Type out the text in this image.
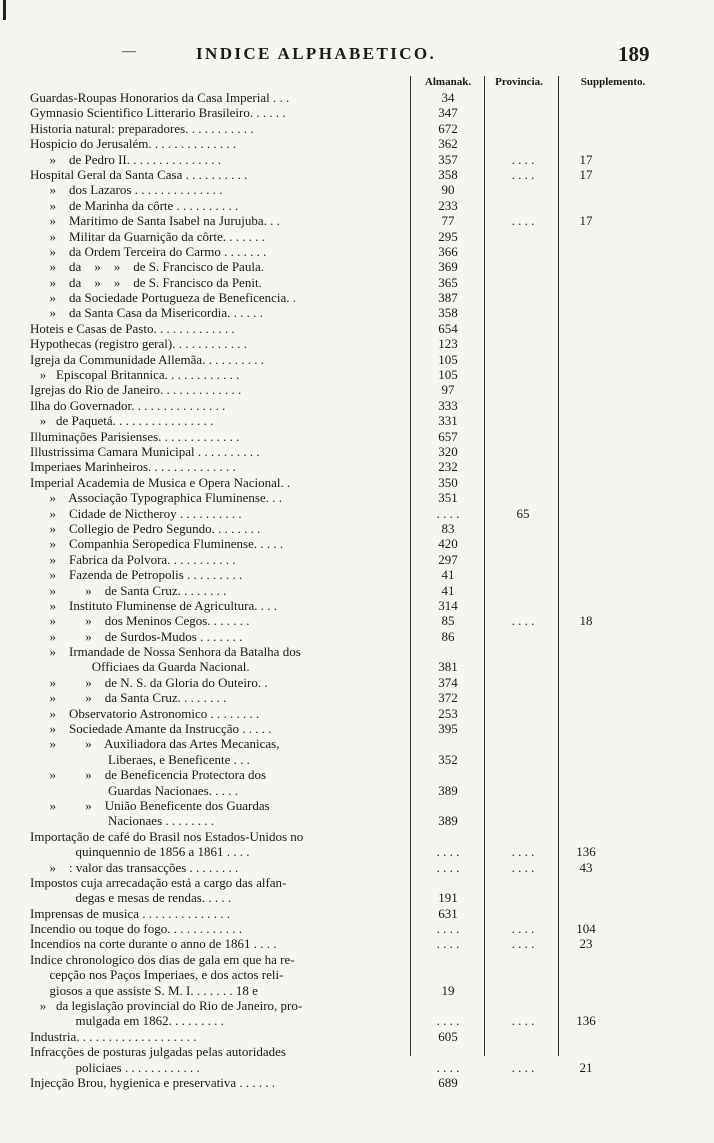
—	INDICE ALPHABETICO.	189
Almanak.	Provincia.	Supplemento.
Guardas-Roupas Honorarios da Casa Imperial . . .	34
Gymnasio Scientifico Litterario Brasileiro. . . . . .	347
Historia natural: preparadores. . . . . . . . . . .	672
Hospicio do Jerusalém. . . . . . . . . . . . . .	362
»    de Pedro II. . . . . . . . . . . . . . .	357	. . . .	17
Hospital Geral da Santa Casa . . . . . . . . . .	358	. . . .	17
»    dos Lazaros . . . . . . . . . . . . . .	90
»    de Marinha da côrte . . . . . . . . . .	233
»    Maritimo de Santa Isabel na Jurujuba. . .	77	. . . .	17
»    Militar da Guarnição da côrte. . . . . . .	295
»    da Ordem Terceira do Carmo . . . . . . .	366
»    da    »    »    de S. Francisco de Paula.	369
»    da    »    »    de S. Francisco da Penit.	365
»    da Sociedade Portugueza de Beneficencia. .	387
»    da Santa Casa da Misericordia. . . . . .	358
Hoteis e Casas de Pasto. . . . . . . . . . . . .	654
Hypothecas (registro geral). . . . . . . . . . . .	123
Igreja da Communidade Allemãa. . . . . . . . . .	105
»   Episcopal Britannica. . . . . . . . . . . .	105
Igrejas do Rio de Janeiro. . . . . . . . . . . . .	97
Ilha do Governador. . . . . . . . . . . . . . .	333
»   de Paquetá. . . . . . . . . . . . . . . .	331
Illuminações Parisienses. . . . . . . . . . . . .	657
Illustrissima Camara Municipal . . . . . . . . . .	320
Imperiaes Marinheiros. . . . . . . . . . . . . .	232
Imperial Academia de Musica e Opera Nacional. .	350
»    Associação Typographica Fluminense. . .	351
»    Cidade de Nictheroy . . . . . . . . . .	. . . .	65
»    Collegio de Pedro Segundo. . . . . . . .	83
»    Companhia Seropedica Fluminense. . . . .	420
»    Fabrica da Polvora. . . . . . . . . . .	297
»    Fazenda de Petropolis . . . . . . . . .	41
»         »    de Santa Cruz. . . . . . . .	41
»    Instituto Fluminense de Agricultura. . . .	314
»         »    dos Meninos Cegos. . . . . . .	85	. . . .	18
»         »    de Surdos-Mudos . . . . . . .	86
»    Irmandade de Nossa Senhora da Batalha dos
Officiaes da Guarda Nacional.	381
»         »    de N. S. da Gloria do Outeiro. .	374
»         »    da Santa Cruz. . . . . . . .	372
»    Observatorio Astronomico . . . . . . . .	253
»    Sociedade Amante da Instrucção . . . . .	395
»         »    Auxiliadora das Artes Mecanicas,
Liberaes, e Beneficente . . .	352
»         »    de Beneficencia Protectora dos
Guardas Nacionaes. . . . .	389
»         »    União Beneficente dos Guardas
Nacionaes . . . . . . . .	389
Importação de café do Brasil nos Estados-Unidos no
quinquennio de 1856 a 1861 . . . .	. . . .	. . . .	136
»    : valor das transacções . . . . . . . .	. . . .	. . . .	43
Impostos cuja arrecadação está a cargo das alfan-
degas e mesas de rendas. . . . .	191
Imprensas de musica . . . . . . . . . . . . . .	631
Incendio ou toque do fogo. . . . . . . . . . . .	. . . .	. . . .	104
Incendios na corte durante o anno de 1861 . . . .	. . . .	. . . .	23
Indice chronologico dos dias de gala em que ha re-
cepção nos Paços Imperiaes, e dos actos reli-
giosos a que assiste S. M. I. . . . . . . 18 e	19
»   da legislação provincial do Rio de Janeiro, pro-
mulgada em 1862. . . . . . . . .	. . . .	. . . .	136
Industria. . . . . . . . . . . . . . . . . . .	605
Infracções de posturas julgadas pelas autoridades
policiaes . . . . . . . . . . . .	. . . .	. . . .	21
Injecção Brou, hygienica e preservativa . . . . . .	689
